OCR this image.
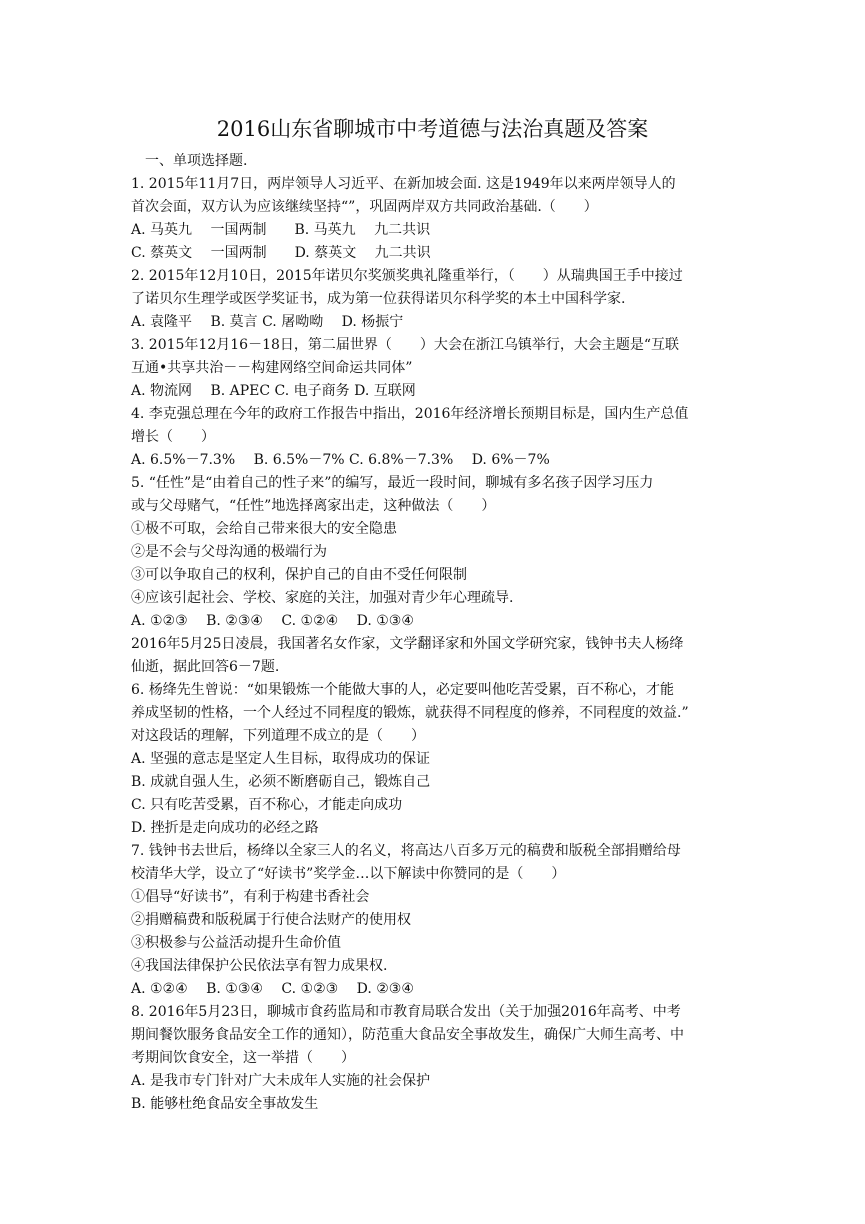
2016山东省聊城市中考道德与法治真题及答案
一、单项选择题.
1. 2015年11月7日，两岸领导人习近平、在新加坡会面. 这是1949年以来两岸领导人的
首次会面，双方认为应该继续坚持“”，巩固两岸双方共同政治基础.（　　）
A. 马英九　 一国两制　　B. 马英九　 九二共识
C. 蔡英文　 一国两制　　D. 蔡英文　 九二共识
2. 2015年12月10日，2015年诺贝尔奖颁奖典礼隆重举行，（　　）从瑞典国王手中接过
了诺贝尔生理学或医学奖证书，成为第一位获得诺贝尔科学奖的本土中国科学家.
A. 袁隆平　 B. 莫言 C. 屠呦呦　 D. 杨振宁
3. 2015年12月16－18日，第二届世界（　　）大会在浙江乌镇举行，大会主题是“互联
互通•共享共治－－构建网络空间命运共同体”
A. 物流网　 B. APEC C. 电子商务 D. 互联网
4. 李克强总理在今年的政府工作报告中指出，2016年经济增长预期目标是，国内生产总值
增长（　　）
A. 6.5%－7.3%　 B. 6.5%－7% C. 6.8%－7.3%　 D. 6%－7%
5. “任性”是“由着自己的性子来”的编写，最近一段时间，聊城有多名孩子因学习压力
或与父母赌气，“任性”地选择离家出走，这种做法（　　）
①极不可取，会给自己带来很大的安全隐患
②是不会与父母沟通的极端行为
③可以争取自己的权利，保护自己的自由不受任何限制
④应该引起社会、学校、家庭的关注，加强对青少年心理疏导.
A. ①②③　 B. ②③④　 C. ①②④　 D. ①③④
2016年5月25日凌晨，我国著名女作家，文学翻译家和外国文学研究家，钱钟书夫人杨绛
仙逝，据此回答6－7题.
6. 杨绛先生曾说：“如果锻炼一个能做大事的人，必定要叫他吃苦受累，百不称心，才能
养成坚韧的性格，一个人经过不同程度的锻炼，就获得不同程度的修养，不同程度的效益.”
对这段话的理解，下列道理不成立的是（　　）
A. 坚强的意志是坚定人生目标，取得成功的保证
B. 成就自强人生，必须不断磨砺自己，锻炼自己
C. 只有吃苦受累，百不称心，才能走向成功
D. 挫折是走向成功的必经之路
7. 钱钟书去世后，杨绛以全家三人的名义，将高达八百多万元的稿费和版税全部捐赠给母
校清华大学，设立了“好读书”奖学金…以下解读中你赞同的是（　　）
①倡导“好读书”，有利于构建书香社会
②捐赠稿费和版税属于行使合法财产的使用权
③积极参与公益活动提升生命价值
④我国法律保护公民依法享有智力成果权.
A. ①②④　 B. ①③④　 C. ①②③　 D. ②③④
8. 2016年5月23日，聊城市食药监局和市教育局联合发出（关于加强2016年高考、中考
期间餐饮服务食品安全工作的通知），防范重大食品安全事故发生，确保广大师生高考、中
考期间饮食安全，这一举措（　　）
A. 是我市专门针对广大未成年人实施的社会保护
B. 能够杜绝食品安全事故发生
